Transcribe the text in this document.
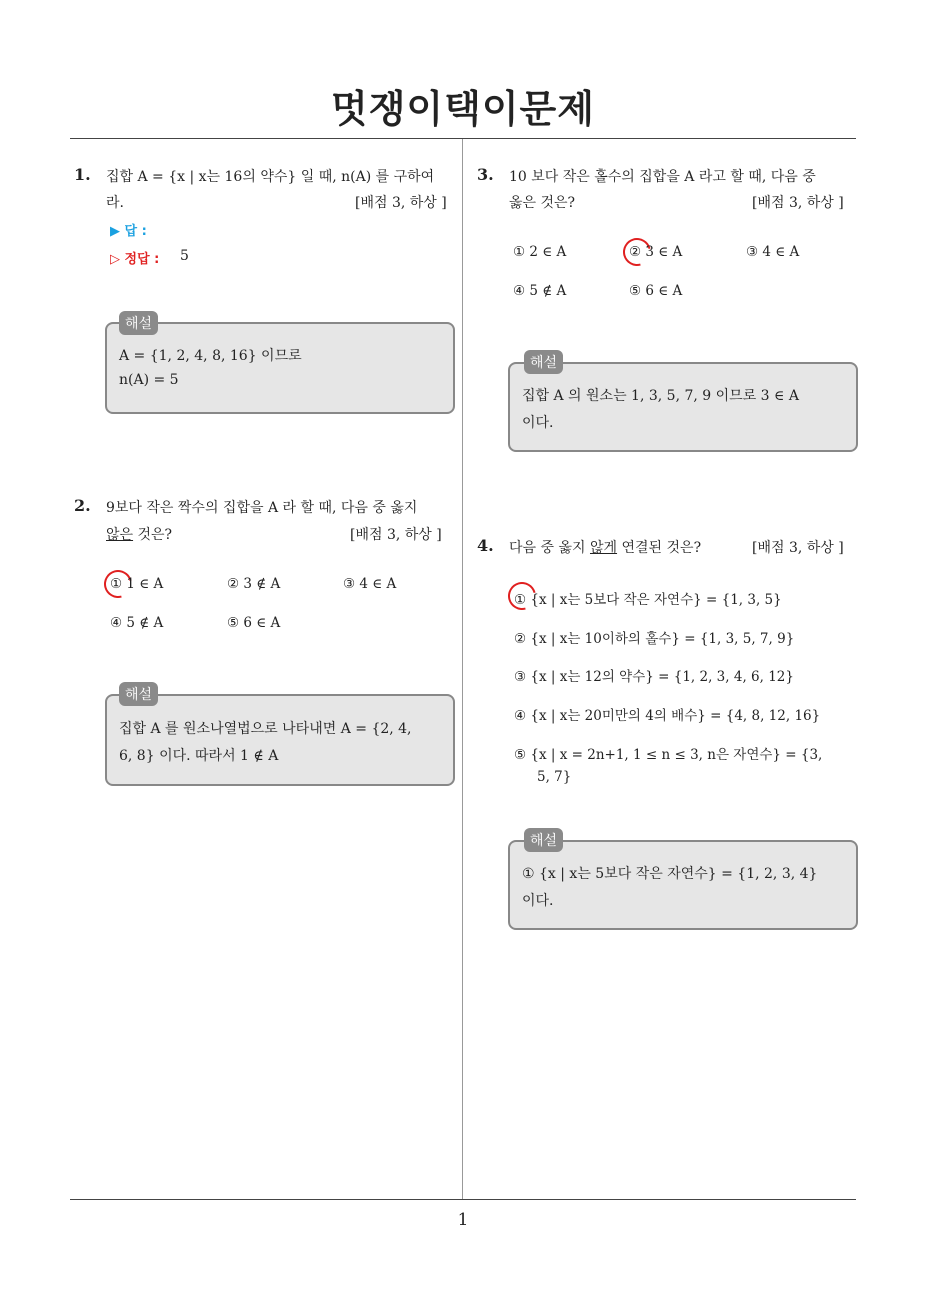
멋쟁이택이문제
1. 집합 A = {x | x는 16의 약수} 일 때, n(A) 를 구하여
라.	[배점 3, 하상 ]
▶ 답 :
▷ 정답 : 5
해설
A = {1, 2, 4, 8, 16} 이므로
n(A) = 5
2. 9보다 작은 짝수의 집합을 A 라 할 때, 다음 중 옳지
않은 것은?	[배점 3, 하상 ]
① 1 ∈ A	② 3 ∉ A	③ 4 ∈ A
④ 5 ∉ A	⑤ 6 ∈ A
해설
집합 A 를 원소나열법으로 나타내면 A = {2, 4,
6, 8} 이다. 따라서 1 ∉ A
3. 10 보다 작은 홀수의 집합을 A 라고 할 때, 다음 중
옳은 것은?	[배점 3, 하상 ]
① 2 ∈ A	② 3 ∈ A	③ 4 ∈ A
④ 5 ∉ A	⑤ 6 ∈ A
해설
집합 A 의 원소는 1, 3, 5, 7, 9 이므로 3 ∈ A
이다.
4. 다음 중 옳지 않게 연결된 것은?	[배점 3, 하상 ]
① {x | x는 5보다 작은 자연수} = {1, 3, 5}
② {x | x는 10이하의 홀수} = {1, 3, 5, 7, 9}
③ {x | x는 12의 약수} = {1, 2, 3, 4, 6, 12}
④ {x | x는 20미만의 4의 배수} = {4, 8, 12, 16}
⑤ {x | x = 2n+1, 1 ≤ n ≤ 3, n은 자연수} = {3,
5, 7}
해설
① {x | x는 5보다 작은 자연수} = {1, 2, 3, 4}
이다.
1
